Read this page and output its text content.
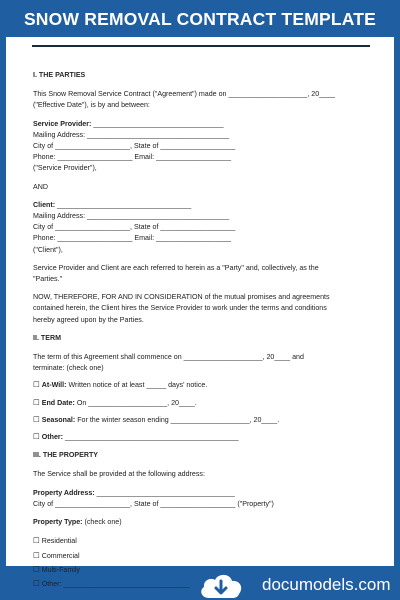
SNOW REMOVAL CONTRACT TEMPLATE

I. THE PARTIES

This Snow Removal Service Contract ("Agreement") made on ____________________, 20____

("Effective Date"), is by and between:

Service Provider: _________________________________

Mailing Address: ____________________________________

City of ___________________, State of ___________________

Phone: ___________________ Email: ___________________

("Service Provider"),

AND

Client: __________________________________

Mailing Address: ____________________________________

City of ___________________, State of ___________________

Phone: ___________________ Email: ___________________

("Client"),

Service Provider and Client are each referred to herein as a "Party" and, collectively, as the

"Parties."

NOW, THEREFORE, FOR AND IN CONSIDERATION of the mutual promises and agreements

contained herein, the Client hires the Service Provider to work under the terms and conditions

hereby agreed upon by the Parties.

II. TERM

The term of this Agreement shall commence on ____________________, 20____ and

terminate: (check one)

☐ At-Will: Written notice of at least _____ days' notice.

☐ End Date: On ____________________, 20____.

☐ Seasonal: For the winter season ending ____________________, 20____.

☐ Other: ____________________________________________

III. THE PROPERTY

The Service shall be provided at the following address:

Property Address: ___________________________________

City of ___________________, State of ___________________ ("Property")

Property Type: (check one)

☐ Residential

☐ Commercial

☐ Multi-Family

☐ Other: ________________________________	documodels.com
